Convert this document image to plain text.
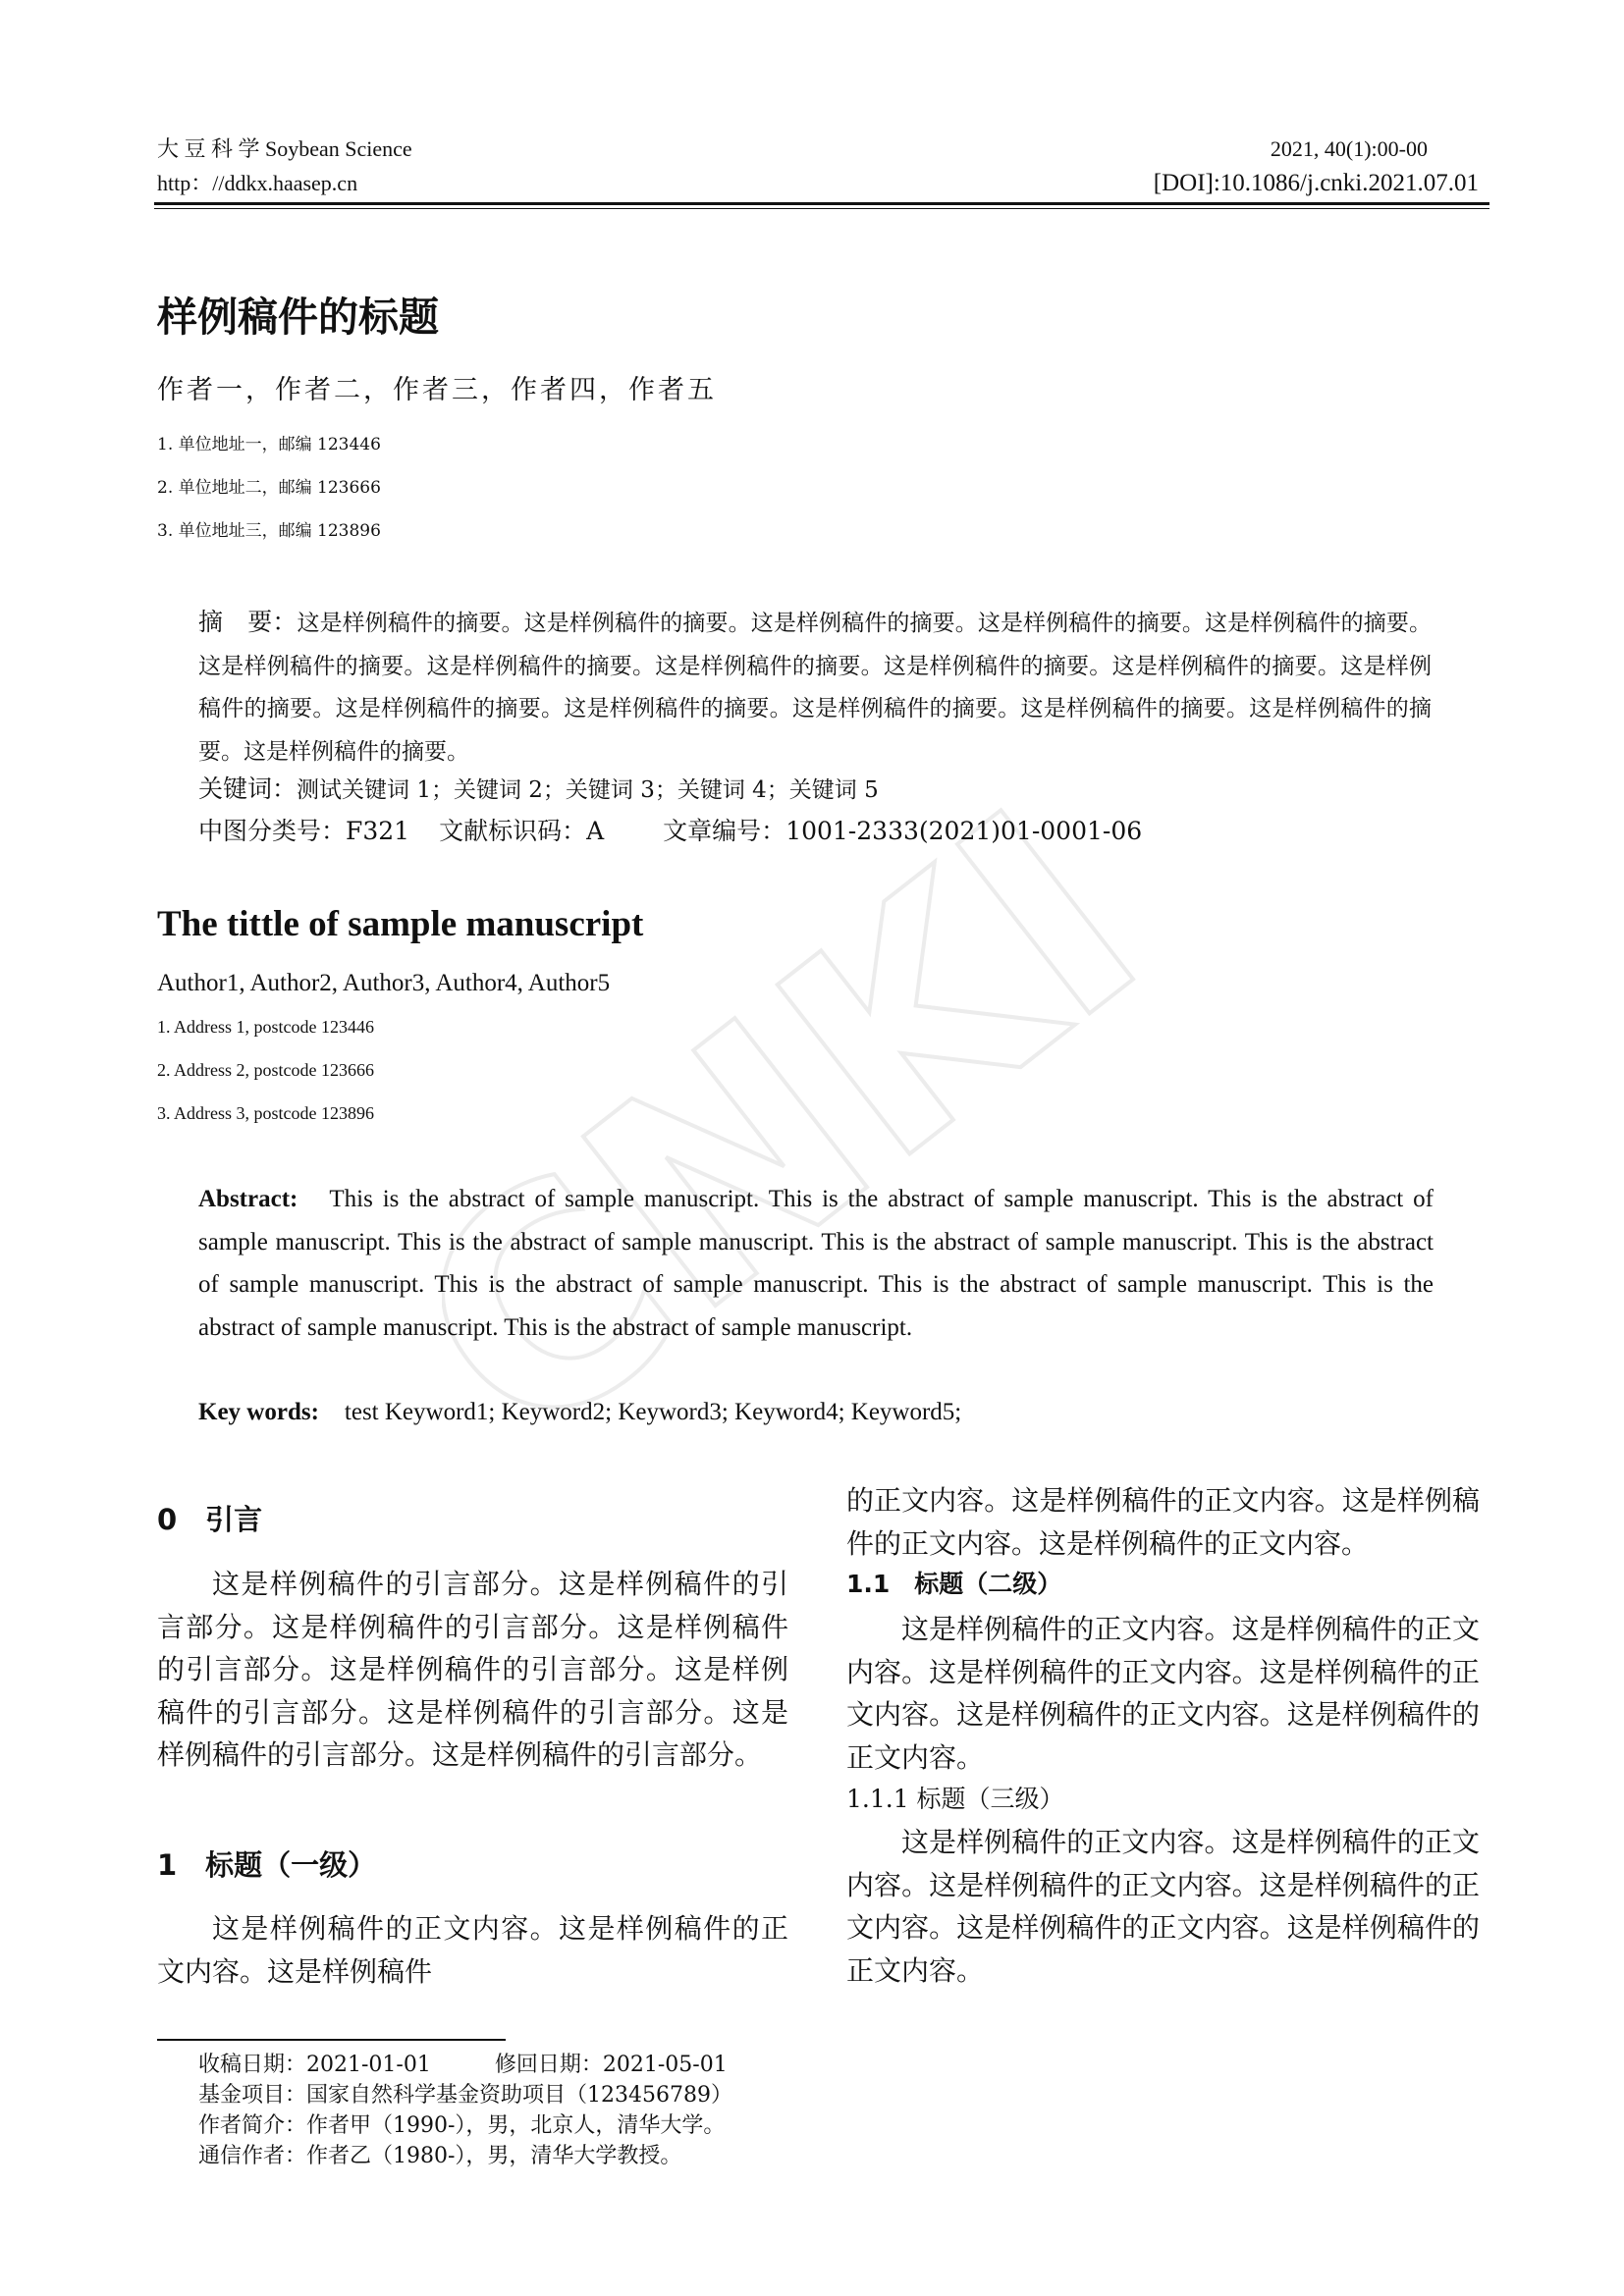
CNKI
大 豆 科 学 Soybean Science
http：//ddkx.haasep.cn
2021, 40(1):00-00
[DOI]:10.1086/j.cnki.2021.07.01
样例稿件的标题
作者一，作者二，作者三，作者四，作者五
1. 单位地址一，邮编 123446
2. 单位地址二，邮编 123666
3. 单位地址三，邮编 123896
摘　要：这是样例稿件的摘要。这是样例稿件的摘要。这是样例稿件的摘要。这是样例稿件的摘要。这是样例稿件的摘要。这是样例稿件的摘要。这是样例稿件的摘要。这是样例稿件的摘要。这是样例稿件的摘要。这是样例稿件的摘要。这是样例稿件的摘要。这是样例稿件的摘要。这是样例稿件的摘要。这是样例稿件的摘要。这是样例稿件的摘要。这是样例稿件的摘要。这是样例稿件的摘要。
关键词：测试关键词 1；关键词 2；关键词 3；关键词 4；关键词 5
中图分类号：F321 文献标识码：A 文章编号：1001-2333(2021)01-0001-06
The tittle of sample manuscript
Author1, Author2, Author3, Author4, Author5
1. Address 1, postcode 123446
2. Address 2, postcode 123666
3. Address 3, postcode 123896
Abstract: This is the abstract of sample manuscript. This is the abstract of sample manuscript. This is the abstract of sample manuscript. This is the abstract of sample manuscript. This is the abstract of sample manuscript. This is the abstract of sample manuscript. This is the abstract of sample manuscript. This is the abstract of sample manuscript. This is the abstract of sample manuscript. This is the abstract of sample manuscript.
Key words: test Keyword1; Keyword2; Keyword3; Keyword4; Keyword5;
0　引言
这是样例稿件的引言部分。这是样例稿件的引言部分。这是样例稿件的引言部分。这是样例稿件的引言部分。这是样例稿件的引言部分。这是样例稿件的引言部分。这是样例稿件的引言部分。这是样例稿件的引言部分。这是样例稿件的引言部分。
1　标题（一级）
这是样例稿件的正文内容。这是样例稿件的正文内容。这是样例稿件
收稿日期：2021-01-01	修回日期：2021-05-01
基金项目：国家自然科学基金资助项目（123456789）
作者简介：作者甲（1990-），男，北京人，清华大学。
通信作者：作者乙（1980-），男，清华大学教授。
的正文内容。这是样例稿件的正文内容。这是样例稿件的正文内容。这是样例稿件的正文内容。
1.1　标题（二级）
这是样例稿件的正文内容。这是样例稿件的正文内容。这是样例稿件的正文内容。这是样例稿件的正文内容。这是样例稿件的正文内容。这是样例稿件的正文内容。
1.1.1 标题（三级）
这是样例稿件的正文内容。这是样例稿件的正文内容。这是样例稿件的正文内容。这是样例稿件的正文内容。这是样例稿件的正文内容。这是样例稿件的正文内容。
